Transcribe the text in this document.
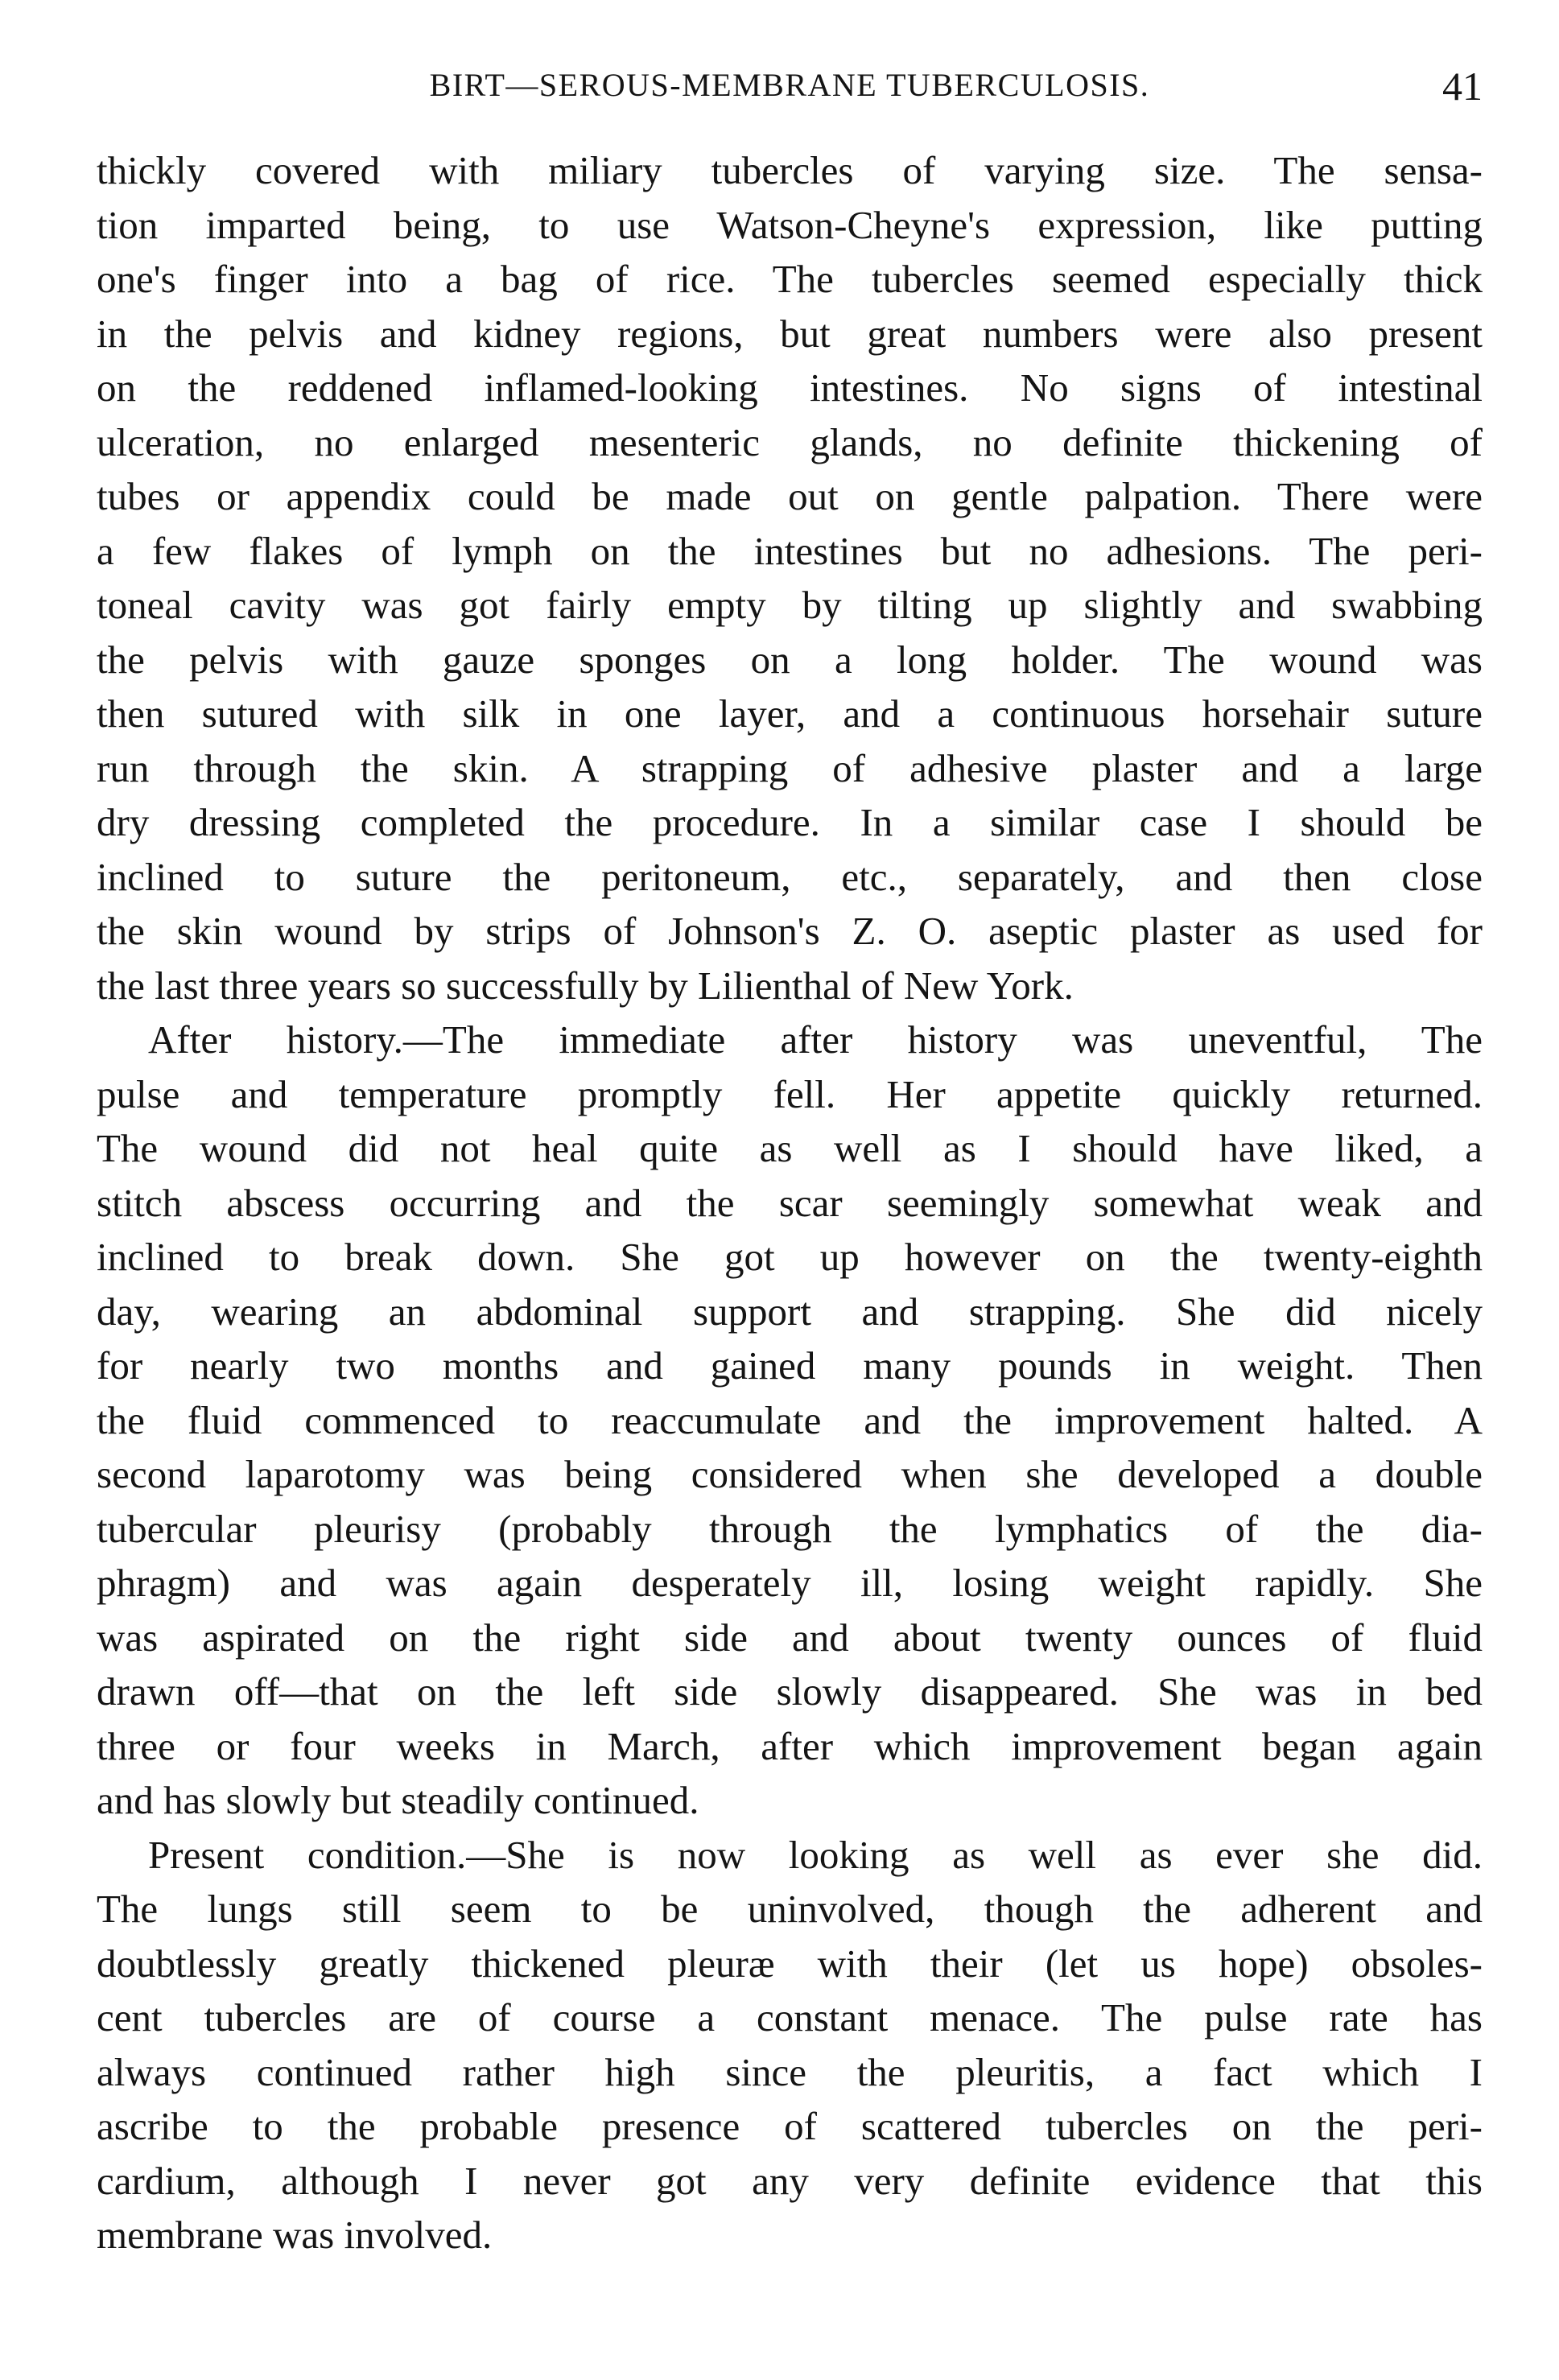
BIRT—SEROUS-MEMBRANE TUBERCULOSIS.	41
thickly covered with miliary tubercles of varying size. The sensa-
tion imparted being, to use Watson-Cheyne's expression, like putting
one's finger into a bag of rice. The tubercles seemed especially thick
in the pelvis and kidney regions, but great numbers were also present
on the reddened inflamed-looking intestines. No signs of intestinal
ulceration, no enlarged mesenteric glands, no definite thickening of
tubes or appendix could be made out on gentle palpation. There were
a few flakes of lymph on the intestines but no adhesions. The peri-
toneal cavity was got fairly empty by tilting up slightly and swabbing
the pelvis with gauze sponges on a long holder. The wound was
then sutured with silk in one layer, and a continuous horsehair suture
run through the skin. A strapping of adhesive plaster and a large
dry dressing completed the procedure. In a similar case I should be
inclined to suture the peritoneum, etc., separately, and then close
the skin wound by strips of Johnson's Z. O. aseptic plaster as used for
the last three years so successfully by Lilienthal of New York.
After history.—The immediate after history was uneventful, The
pulse and temperature promptly fell. Her appetite quickly returned.
The wound did not heal quite as well as I should have liked, a
stitch abscess occurring and the scar seemingly somewhat weak and
inclined to break down. She got up however on the twenty-eighth
day, wearing an abdominal support and strapping. She did nicely
for nearly two months and gained many pounds in weight. Then
the fluid commenced to reaccumulate and the improvement halted. A
second laparotomy was being considered when she developed a double
tubercular pleurisy (probably through the lymphatics of the dia-
phragm) and was again desperately ill, losing weight rapidly. She
was aspirated on the right side and about twenty ounces of fluid
drawn off—that on the left side slowly disappeared. She was in bed
three or four weeks in March, after which improvement began again
and has slowly but steadily continued.
Present condition.—She is now looking as well as ever she did.
The lungs still seem to be uninvolved, though the adherent and
doubtlessly greatly thickened pleuræ with their (let us hope) obsoles-
cent tubercles are of course a constant menace. The pulse rate has
always continued rather high since the pleuritis, a fact which I
ascribe to the probable presence of scattered tubercles on the peri-
cardium, although I never got any very definite evidence that this
membrane was involved.
